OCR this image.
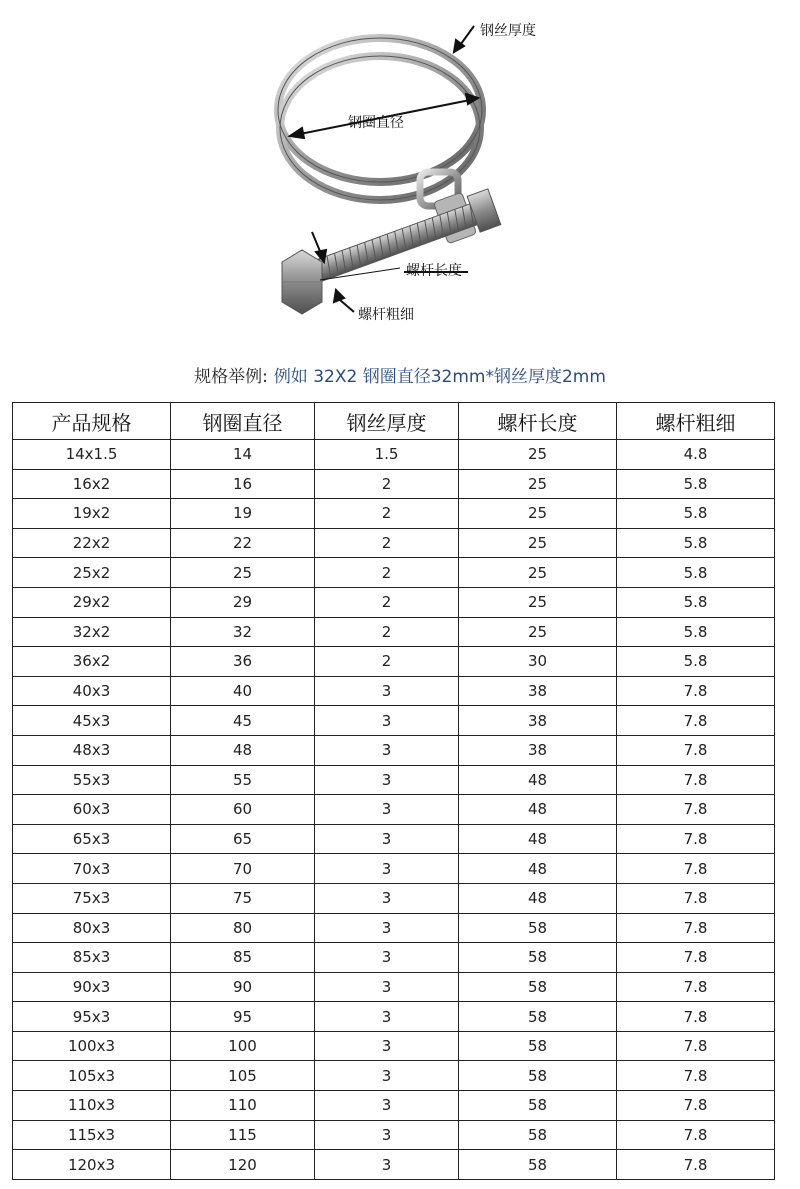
钢丝厚度
钢圈直径
螺杆长度
螺杆粗细
规格举例: 例如 32X2 钢圈直径32mm*钢丝厚度2mm
产品规格	钢圈直径	钢丝厚度	螺杆长度	螺杆粗细
14x1.5	14	1.5	25	4.8
16x2	16	2	25	5.8
19x2	19	2	25	5.8
22x2	22	2	25	5.8
25x2	25	2	25	5.8
29x2	29	2	25	5.8
32x2	32	2	25	5.8
36x2	36	2	30	5.8
40x3	40	3	38	7.8
45x3	45	3	38	7.8
48x3	48	3	38	7.8
55x3	55	3	48	7.8
60x3	60	3	48	7.8
65x3	65	3	48	7.8
70x3	70	3	48	7.8
75x3	75	3	48	7.8
80x3	80	3	58	7.8
85x3	85	3	58	7.8
90x3	90	3	58	7.8
95x3	95	3	58	7.8
100x3	100	3	58	7.8
105x3	105	3	58	7.8
110x3	110	3	58	7.8
115x3	115	3	58	7.8
120x3	120	3	58	7.8
